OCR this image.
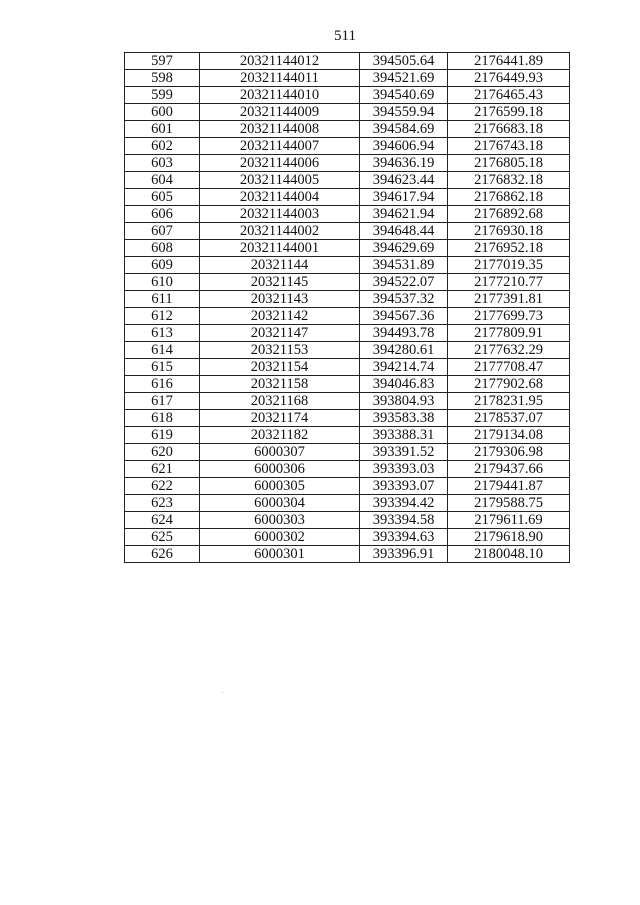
511
597	20321144012	394505.64	2176441.89
598	20321144011	394521.69	2176449.93
599	20321144010	394540.69	2176465.43
600	20321144009	394559.94	2176599.18
601	20321144008	394584.69	2176683.18
602	20321144007	394606.94	2176743.18
603	20321144006	394636.19	2176805.18
604	20321144005	394623.44	2176832.18
605	20321144004	394617.94	2176862.18
606	20321144003	394621.94	2176892.68
607	20321144002	394648.44	2176930.18
608	20321144001	394629.69	2176952.18
609	20321144	394531.89	2177019.35
610	20321145	394522.07	2177210.77
611	20321143	394537.32	2177391.81
612	20321142	394567.36	2177699.73
613	20321147	394493.78	2177809.91
614	20321153	394280.61	2177632.29
615	20321154	394214.74	2177708.47
616	20321158	394046.83	2177902.68
617	20321168	393804.93	2178231.95
618	20321174	393583.38	2178537.07
619	20321182	393388.31	2179134.08
620	6000307	393391.52	2179306.98
621	6000306	393393.03	2179437.66
622	6000305	393393.07	2179441.87
623	6000304	393394.42	2179588.75
624	6000303	393394.58	2179611.69
625	6000302	393394.63	2179618.90
626	6000301	393396.91	2180048.10
